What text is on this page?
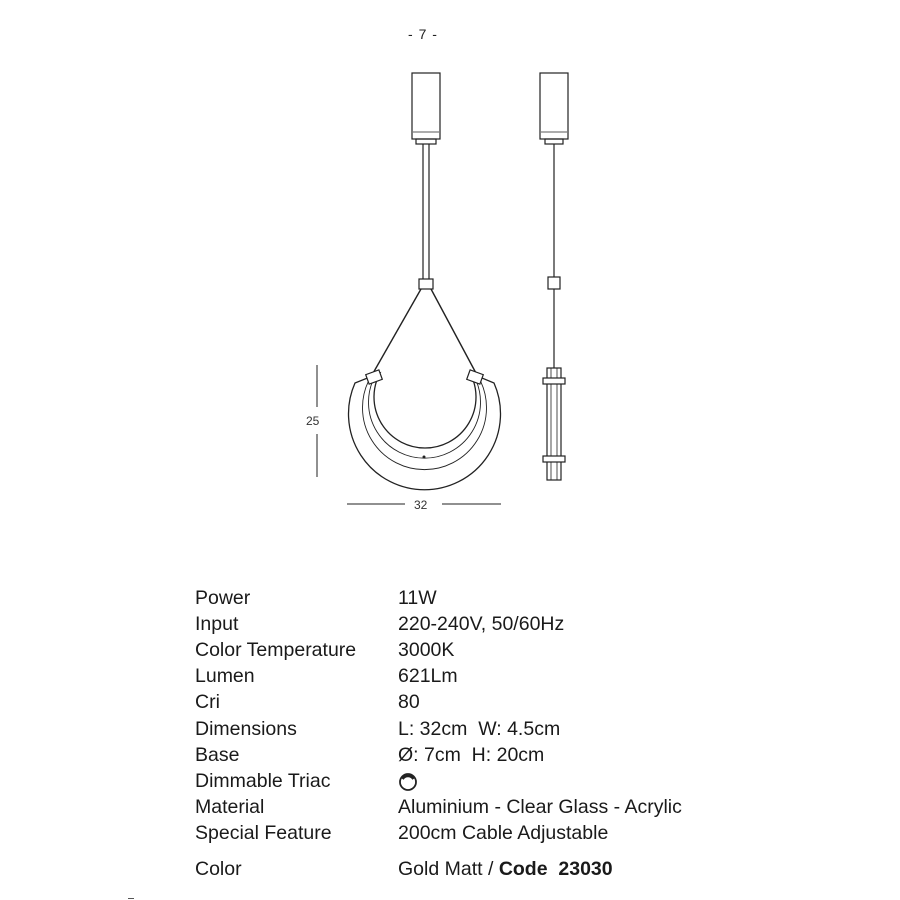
- 7 -
25
32
Power	11W
Input	220-240V, 50/60Hz
Color Temperature	3000K
Lumen	621Lm
Cri	80
Dimensions	L: 32cm  W: 4.5cm
Base	Ø: 7cm  H: 20cm
Dimmable Triac
Material	Aluminium - Clear Glass - Acrylic
Special Feature	200cm Cable Adjustable
Color	Gold Matt / Code  23030
